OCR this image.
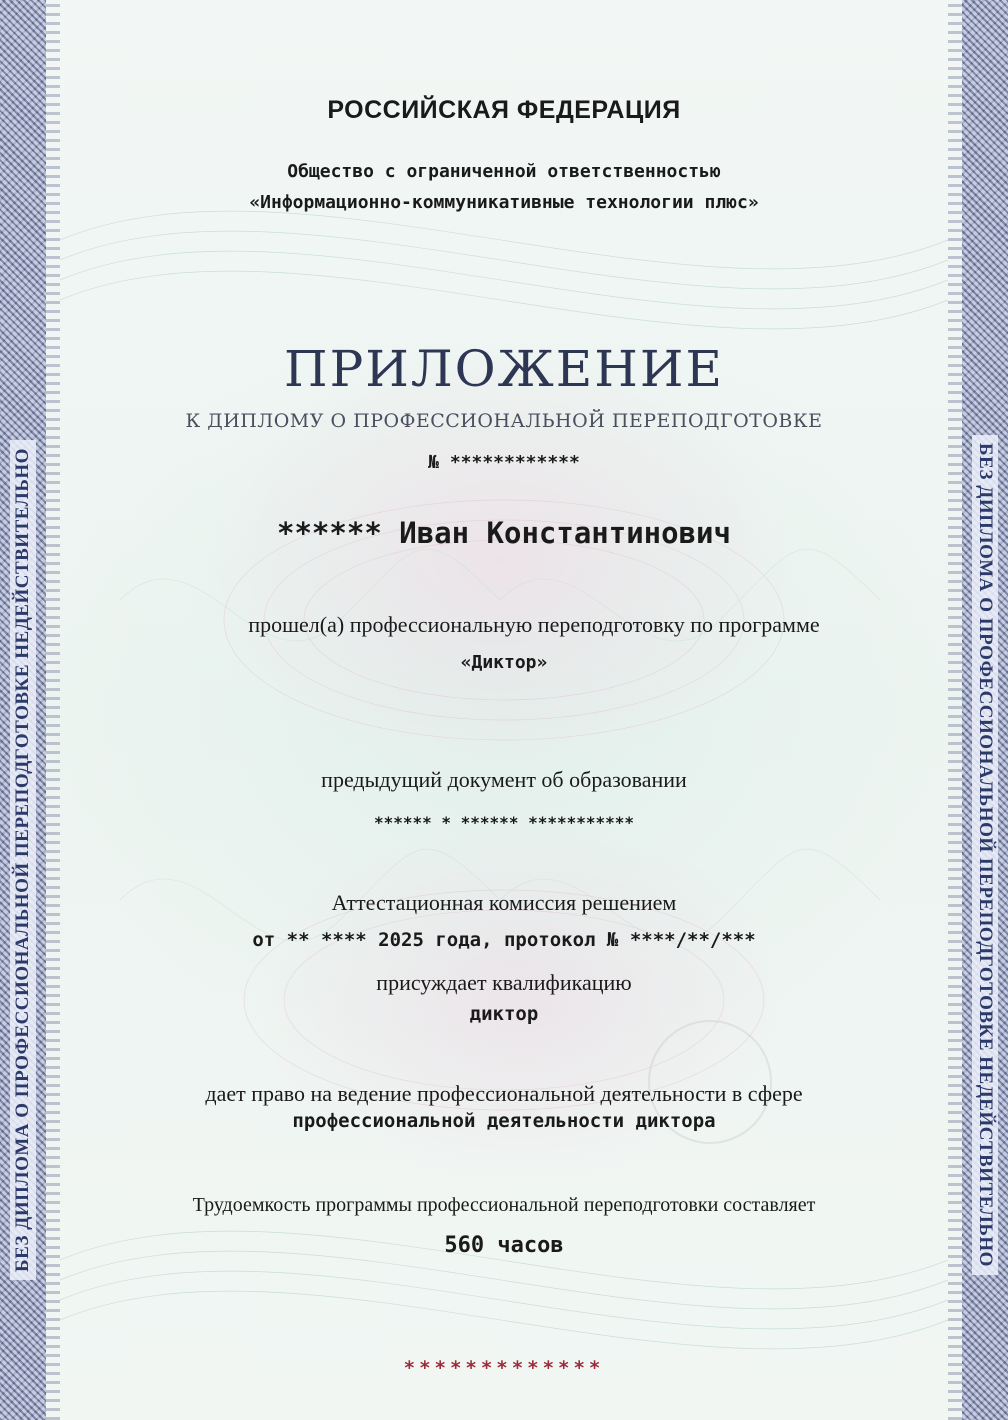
БЕЗ ДИПЛОМА О ПРОФЕССИОНАЛЬНОЙ ПЕРЕПОДГОТОВКЕ НЕДЕЙСТВИТЕЛЬНО	БЕЗ ДИПЛОМА О ПРОФЕССИОНАЛЬНОЙ ПЕРЕПОДГОТОВКЕ НЕДЕЙСТВИТЕЛЬНО
РОССИЙСКАЯ ФЕДЕРАЦИЯ
Общество с ограниченной ответственностью
«Информационно-коммуникативные технологии плюс»
ПРИЛОЖЕНИЕ
К ДИПЛОМУ О ПРОФЕССИОНАЛЬНОЙ ПЕРЕПОДГОТОВКЕ
№ ************
****** Иван Константинович
прошел(а) профессиональную переподготовку по программе
«Диктор»
предыдущий документ об образовании
****** * ****** ***********
Аттестационная комиссия решением
от ** **** 2025 года, протокол № ****/**/***
присуждает квалификацию
диктор
дает право на ведение профессиональной деятельности в сфере
профессиональной деятельности диктора
Трудоемкость программы профессиональной переподготовки составляет
560 часов
*************
